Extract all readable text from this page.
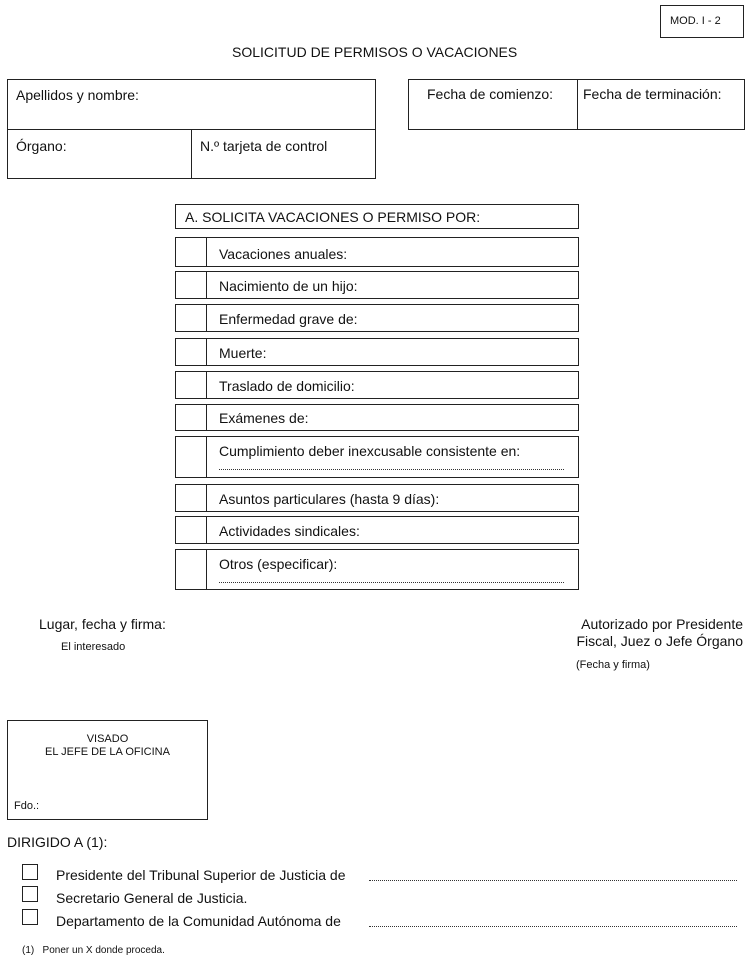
MOD. I - 2
SOLICITUD DE PERMISOS O VACACIONES
Apellidos y nombre:
Órgano:	N.º tarjeta de control
Fecha de comienzo: Fecha de terminación:
A. SOLICITA VACACIONES O PERMISO POR:
Vacaciones anuales:
Nacimiento de un hijo:
Enfermedad grave de:
Muerte:
Traslado de domicilio:
Exámenes de:
Cumplimiento deber inexcusable consistente en:
Asuntos particulares (hasta 9 días):
Actividades sindicales:
Otros (especificar):
Lugar, fecha y firma:
El interesado
Autorizado por Presidente
Fiscal, Juez o Jefe Órgano
(Fecha y firma)
VISADO
EL JEFE DE LA OFICINA
Fdo.:
DIRIGIDO A (1):
Presidente del Tribunal Superior de Justicia de
Secretario General de Justicia.
Departamento de la Comunidad Autónoma de
(1)   Poner un X donde proceda.
